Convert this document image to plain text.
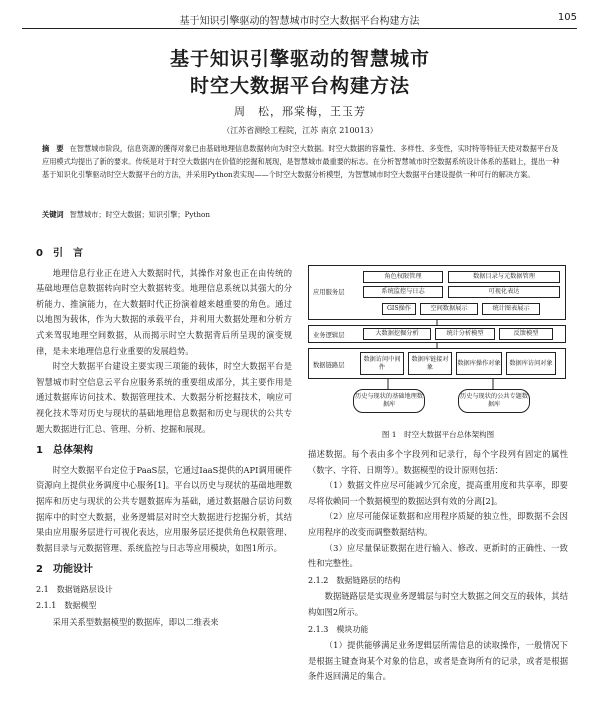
基于知识引擎驱动的智慧城市时空大数据平台构建方法	105
基于知识引擎驱动的智慧城市
时空大数据平台构建方法
周　松，邢棠梅，王玉芳
（江苏省测绘工程院，江苏 南京 210013）
摘　要 在智慧城市阶段，信息资源的獲得对象已由基础地理信息数据转向为时空大数据。时空大数据的容量性、多样性、多变性，实时特等特征天使对数据平台及应用模式均提出了新的要求。传统是对于时空大数据内在价值的挖掘和展现，是智慧城市最重要的标志。在分析智慧城市时空数据系统设计体系的基础上，提出一种基于知识化引擎驱动时空大数据平台的方法，并采用Python表实现——个时空大数据分析模型，为智慧城市时空大数据平台建设提供一种可行的解决方案。
关键词 智慧城市；时空大数据；知识引擎；Python
0　引　言

地理信息行业正在进入大数据时代，其操作对象也正在由传统的基础地理信息数据转向时空大数据转变。地理信息系统以其强大的分析能力、推演能力，在大数据时代正扮演着越来越重要的角色。通过以地图为载体，作为大数据的承载平台，并利用大数据处理和分析方式来驾驭地理空间数据，从而揭示时空大数据背后所呈现的演变规律，是未来地理信息行业重要的发展趋势。

时空大数据平台建设主要实现三项能的载体，时空大数据平台是智慧城市时空信息云平台应服务系统的重要组成部分，其主要作用是通过数据库访问技术、数据管理技术、大数据分析挖掘技术，响应可视化技术等对历史与现状的基础地理信息数据和历史与现状的公共专题大数据进行汇总、管理、分析、挖掘和展现。

1　总体架构

时空大数据平台定位于PaaS层，它通过IaaS提供的API调用硬件资源向上提供业务调度中心服务[1]。平台以历史与现状的基础地理数据库和历史与现状的公共专题数据库为基础，通过数据融合层访问数据库中的时空大数据，业务逻辑层对时空大数据进行挖掘分析，其结果由应用服务层进行可视化表达，应用服务层还提供角色权限管理、数据目录与元数据管理、系统监控与日志等应用模块，如图1所示。

2　功能设计
2.1　数据链路层设计
2.1.1　数据模型

采用关系型数据模型的数据库，即以二维表来

应用服务层
角色权限管理	数据目录与元数据管理
系统监控与日志	可视化表达
GIS操作	空间数据展示	统计图表展示
业务逻辑层	大数据挖掘分析	统计分析模型	反馈模型
数据链路层
数据访问中间件
数据库链接对象
数据库操作对象	数据库访问对象
历史与现状的基础地理数据库
历史与现状的公共专题数据库
图 1　时空大数据平台总体架构图

描述数据。每个表由多个字段列和记录行，每个字段列有固定的属性（数字、字符、日期等）。数据模型的设计原则包括：

（1）数据文件应尽可能减少冗余度，提高重用度和共享率，即要尽将依赖同一个数据模型的数据达到有效的分离[2]。

（2）应尽可能保证数据和应用程序质疑的独立性，即数据不会因应用程序的改变而调整数据结构。

（3）应尽量保证数据在进行输入、修改、更新时的正确性、一致性和完整性。

2.1.2　数据链路层的结构

数据链路层是实现业务逻辑层与时空大数据之间交互的载体，其结构如图2所示。

2.1.3　模块功能

（1）提供能够满足业务逻辑层所需信息的读取操作，一般情况下是根据主键查询某个对象的信息，或者是查询所有的记录，或者是根据条件返回满足的集合。
